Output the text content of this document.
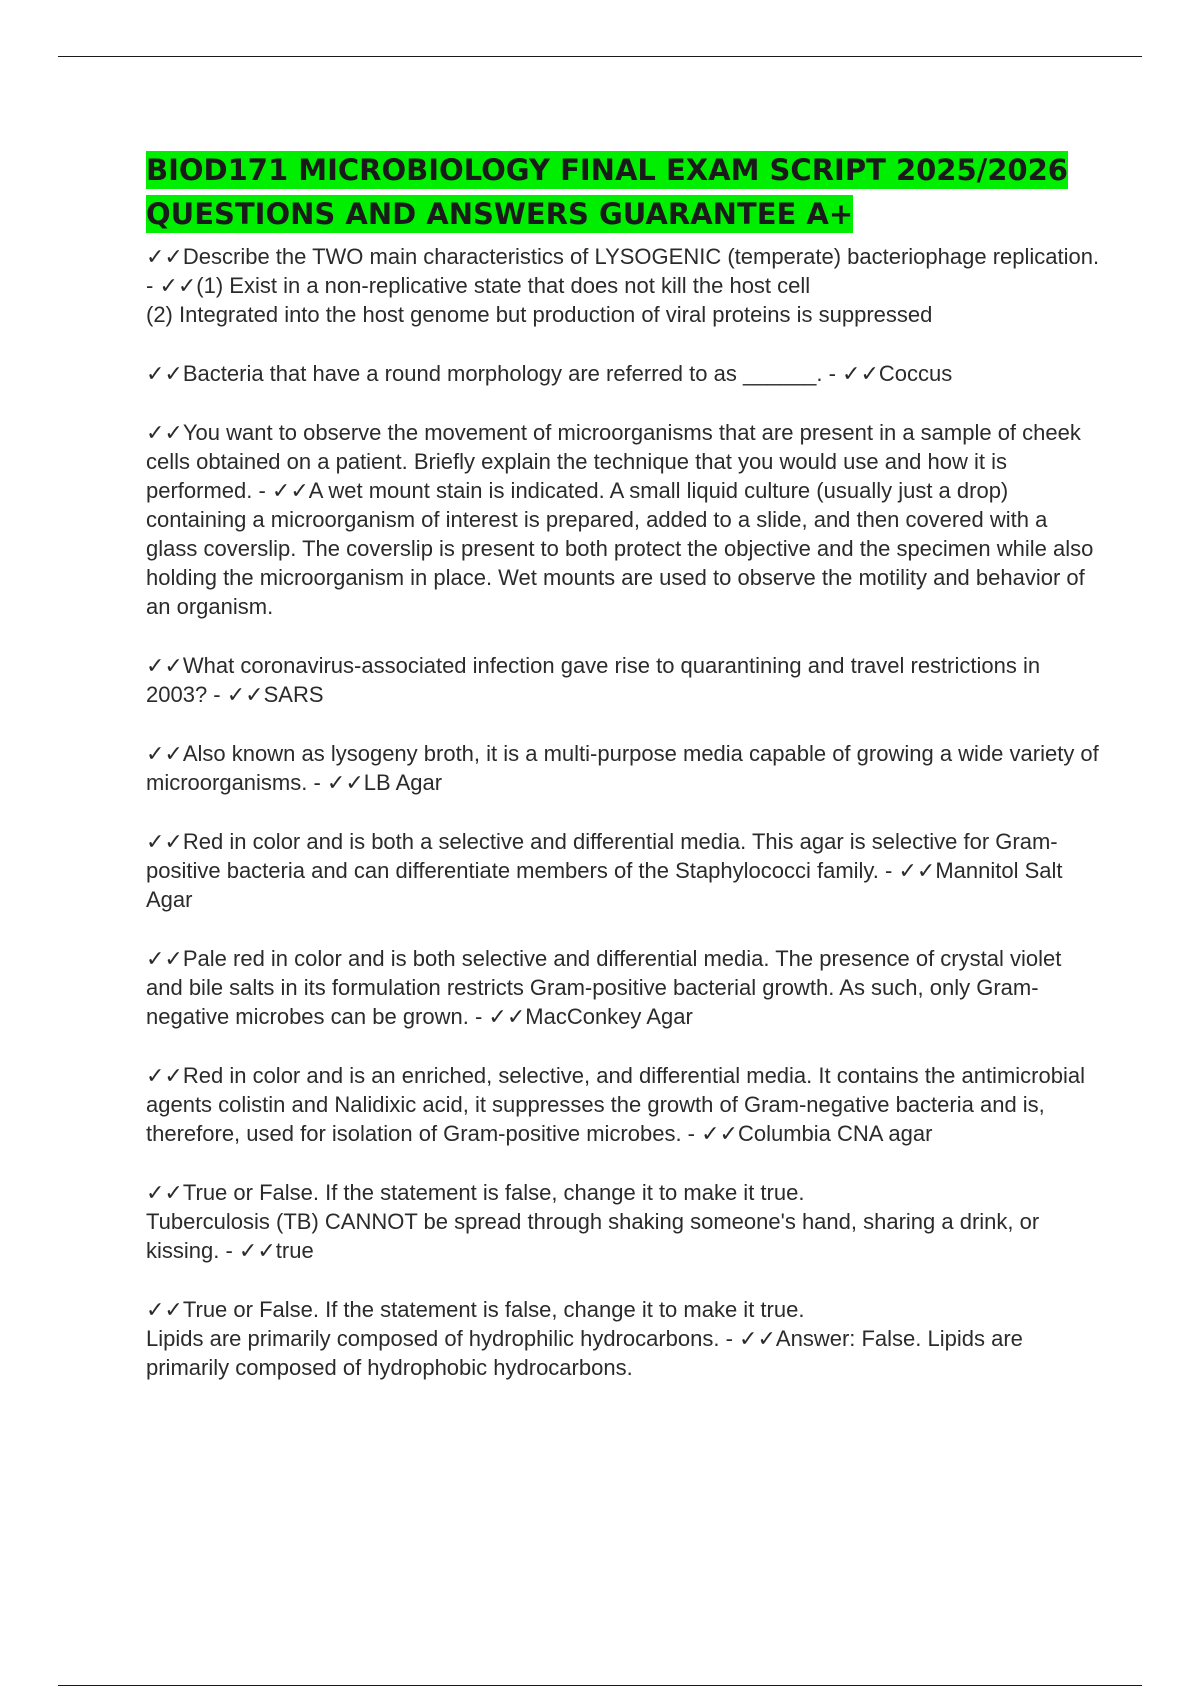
BIOD171 MICROBIOLOGY FINAL EXAM SCRIPT 2025/2026
QUESTIONS AND ANSWERS GUARANTEE A+
✓✓Describe the TWO main characteristics of LYSOGENIC (temperate) bacteriophage replication. - ✓✓(1) Exist in a non-replicative state that does not kill the host cell
(2) Integrated into the host genome but production of viral proteins is suppressed
✓✓Bacteria that have a round morphology are referred to as ______. - ✓✓Coccus
✓✓You want to observe the movement of microorganisms that are present in a sample of cheek cells obtained on a patient. Briefly explain the technique that you would use and how it is performed. - ✓✓A wet mount stain is indicated. A small liquid culture (usually just a drop) containing a microorganism of interest is prepared, added to a slide, and then covered with a glass coverslip. The coverslip is present to both protect the objective and the specimen while also holding the microorganism in place. Wet mounts are used to observe the motility and behavior of an organism.
✓✓What coronavirus-associated infection gave rise to quarantining and travel restrictions in 2003? - ✓✓SARS
✓✓Also known as lysogeny broth, it is a multi-purpose media capable of growing a wide variety of microorganisms. - ✓✓LB Agar
✓✓Red in color and is both a selective and differential media. This agar is selective for Gram-positive bacteria and can differentiate members of the Staphylococci family. - ✓✓Mannitol Salt Agar
✓✓Pale red in color and is both selective and differential media. The presence of crystal violet and bile salts in its formulation restricts Gram-positive bacterial growth. As such, only Gram-negative microbes can be grown. - ✓✓MacConkey Agar
✓✓Red in color and is an enriched, selective, and differential media. It contains the antimicrobial agents colistin and Nalidixic acid, it suppresses the growth of Gram-negative bacteria and is, therefore, used for isolation of Gram-positive microbes. - ✓✓Columbia CNA agar
✓✓True or False. If the statement is false, change it to make it true.
Tuberculosis (TB) CANNOT be spread through shaking someone's hand, sharing a drink, or kissing. - ✓✓true
✓✓True or False. If the statement is false, change it to make it true.
Lipids are primarily composed of hydrophilic hydrocarbons. - ✓✓Answer: False. Lipids are primarily composed of hydrophobic hydrocarbons.
